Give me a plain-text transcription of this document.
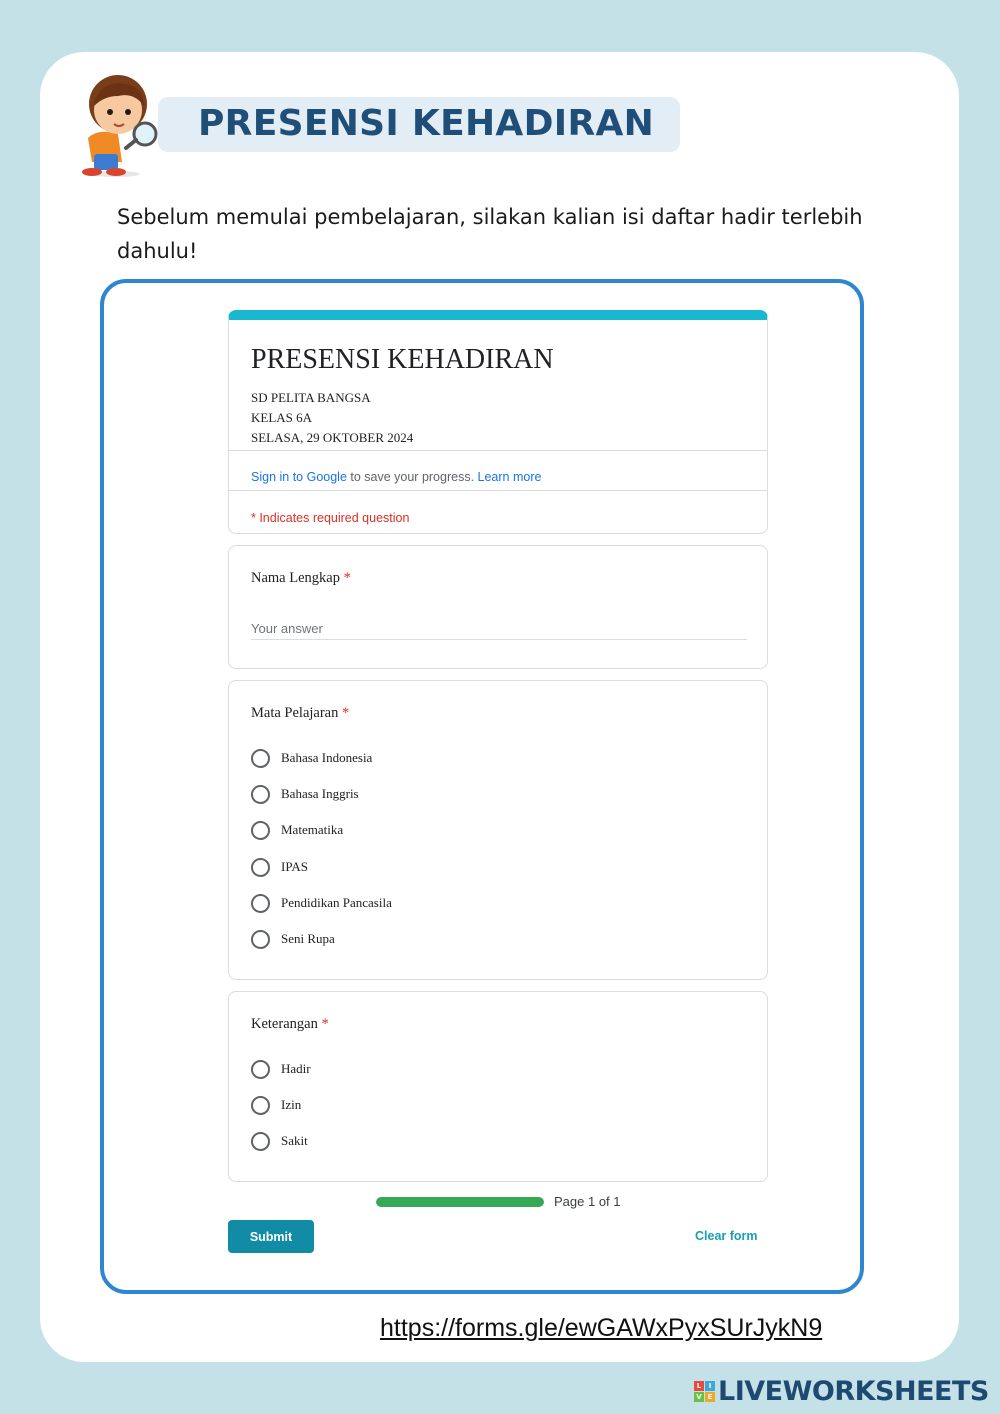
PRESENSI KEHADIRAN

Sebelum memulai pembelajaran, silakan kalian isi daftar hadir terlebih dahulu!

PRESENSI KEHADIRAN
SD PELITA BANGSA
KELAS 6A
SELASA, 29 OKTOBER 2024
Sign in to Google to save your progress. Learn more
* Indicates required question
Nama Lengkap *
Your answer
Mata Pelajaran *
Bahasa Indonesia
Bahasa Inggris
Matematika
IPAS
Pendidikan Pancasila
Seni Rupa
Keterangan *
Hadir
Izin
Sakit
Page 1 of 1
Submit	Clear form
https://forms.gle/ewGAWxPyxSUrJykN9
L	I
V E LIVEWORKSHEETS
